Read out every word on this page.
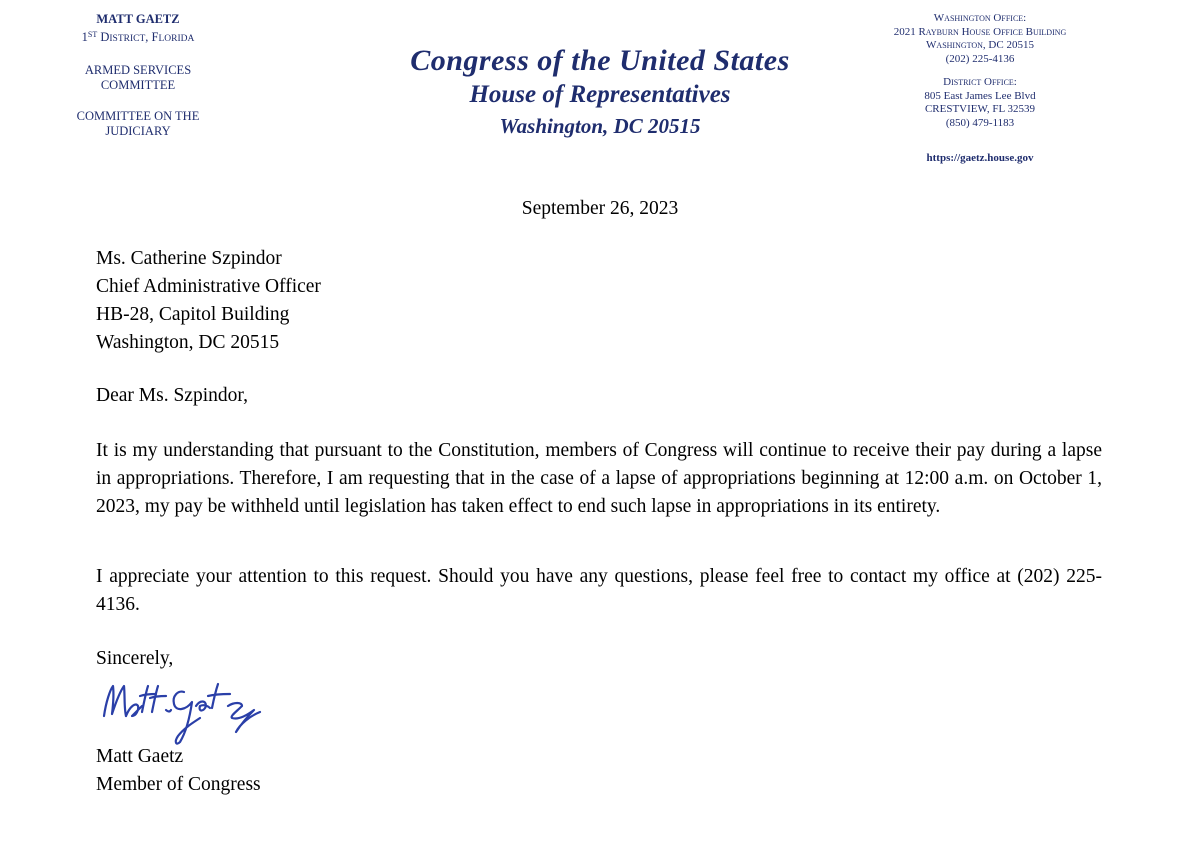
MATT GAETZ
1ST DISTRICT, FLORIDA
ARMED SERVICES
COMMITTEE
COMMITTEE ON THE
JUDICIARY
Congress of the United States
House of Representatives
Washington, DC 20515
Washington Office:
2021 Rayburn House Office Building
Washington, DC 20515
(202) 225-4136
District Office:
805 East James Lee Blvd
CRESTVIEW, FL 32539
(850) 479-1183
https://gaetz.house.gov
September 26, 2023
Ms. Catherine Szpindor
Chief Administrative Officer
HB-28, Capitol Building
Washington, DC 20515
Dear Ms. Szpindor,
It is my understanding that pursuant to the Constitution, members of Congress will continue to receive their pay during a lapse in appropriations. Therefore, I am requesting that in the case of a lapse of appropriations beginning at 12:00 a.m. on October 1, 2023, my pay be withheld until legislation has taken effect to end such lapse in appropriations in its entirety.
I appreciate your attention to this request. Should you have any questions, please feel free to contact my office at (202) 225-4136.
Sincerely,
Matt Gaetz
Member of Congress
